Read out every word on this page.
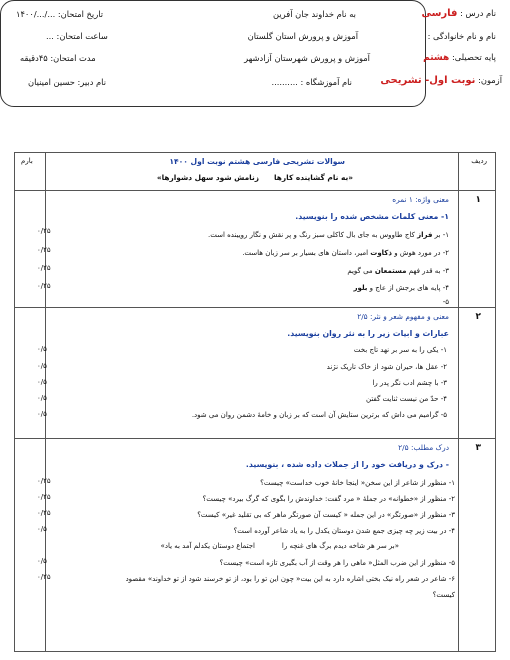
نام درس : فارسی
به نام خداوند جان آفرین
تاریخ امتحان: .../.../۱۴۰۰
نام و نام خانوادگی :
آموزش و پرورش استان گلستان
ساعت امتحان: ...
پایه تحصیلی: هشتم
آموزش و پرورش شهرستان آزادشهر
مدت امتحان: ۴۵دقیقه
آزمون: نوبت اول- تشریحی
نام آموزشگاه : ..........
نام دبیر: حسین امینیان
بارم	ردیف
سوالات تشریحی فارسی هشتم نوبت اول ۱۴۰۰
«به نام گشاینده کارها
زنامش شود سهل دشوارها»
۱
معنی واژه: ۱ نمره
۱- معنی کلمات مشخص شده را بنویسید.
۱- بر فراز کاج طاووس به جای بال کاکلی سبز رنگ و پر نقش و نگار رویینده است.
۲- در مورد هوش و ذکاوت امیر، داستان های بسیار بر سر زبان هاست.
۳- به قدر فهم مستمعان می گویم
۴- پایه های برجش از عاج و بلور
۵-
۰/۲۵
۰/۲۵
۰/۲۵
۰/۲۵
۲
معنی و مفهوم شعر و نثر: ۲/۵
عبارات و ابیات زیر را به نثر روان بنویسید.
۱- یکی را به سر بر نهد تاج بخت
۲- عقل ها، حیران شود از خاک تاریک نژند
۳- با چشم ادب نگر پدر را
۴- حدّ من نیست ثنایت گفتن
۵- گرامیم می داش که برترین ستایش آن است که بر زبان و خامهٔ دشمن روان می شود.
۰/۵
۰/۵
۰/۵
۰/۵
۰/۵
۳
درک مطلب: ۲/۵
- درک و دریافت خود را از جملات داده شده ، بنویسید.
۱- منظور از شاعر از این سخن« اینجا خانهٔ خوب خداست» چیست؟
۲- منظور از «خطوانه» در جملهٔ « مرد گفت: خداوندش را بگوی که گرگ بیرد» چیست؟
۳- منظور از «صورتگر» در این جمله « کیست آن صورتگر ماهر که بی تقلید غیر» کیست؟
۴- در بیت زیر چه چیزی جمع شدن دوستان یکدل را به یاد شاعر آورده است؟
اجتماع دوستان یکدلم آمد به یاد»	«بر سر هر شاخه دیدم برگ های غنچه را
۵- منظور از این ضرب المثل« ماهی را هر وقت از آب بگیری تازه است» چیست؟
۶- شاعر در شعر راه نیک بختی اشاره دارد به این بیت« چون این تو را بود، از تو خرسند شود از تو خداوند» مقصود
کیست؟
۰/۲۵
۰/۲۵
۰/۲۵
۰/۵
۰/۵
۰/۲۵
